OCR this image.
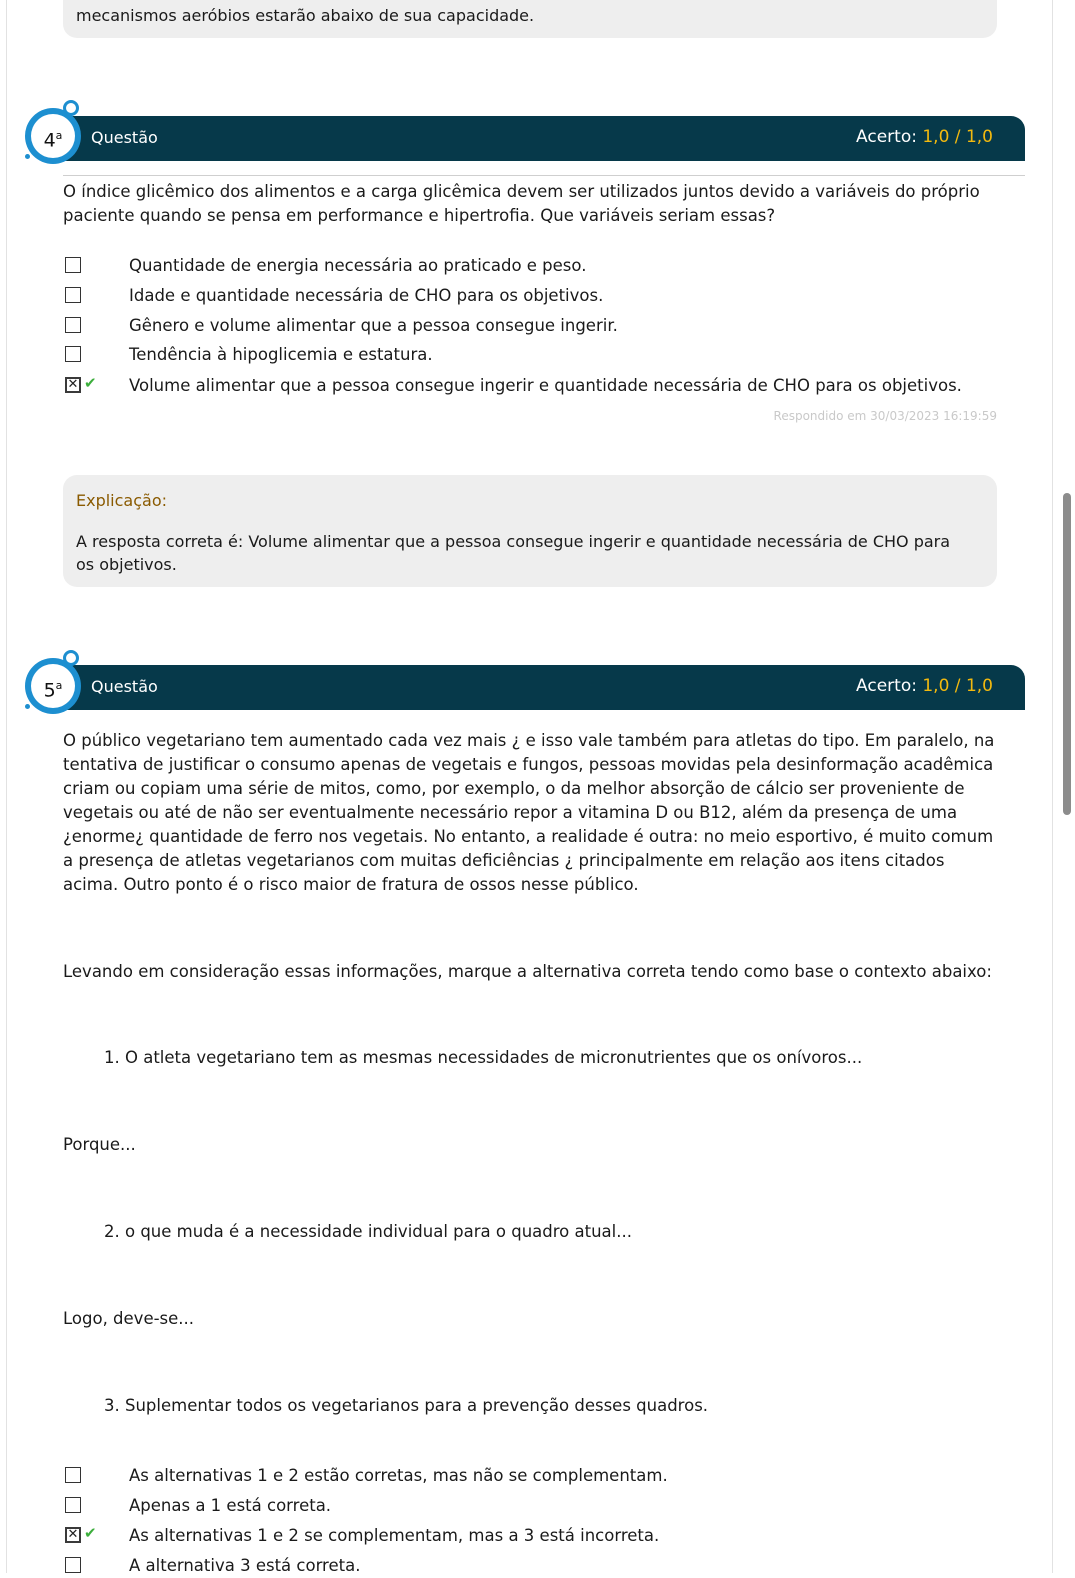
mecanismos aeróbios estarão abaixo de sua capacidade.
Questão	Acerto: 1,0 / 1,0
4$^a$
O índice glicêmico dos alimentos e a carga glicêmica devem ser utilizados juntos devido a variáveis do próprio paciente quando se pensa em performance e hipertrofia. Que variáveis seriam essas?
Quantidade de energia necessária ao praticado e peso.
Idade e quantidade necessária de CHO para os objetivos.
Gênero e volume alimentar que a pessoa consegue ingerir.
Tendência à hipoglicemia e estatura.
✕
✔ Volume alimentar que a pessoa consegue ingerir e quantidade necessária de CHO para os objetivos.
Respondido em 30/03/2023 16:19:59
Explicação:
A resposta correta é: Volume alimentar que a pessoa consegue ingerir e quantidade necessária de CHO para os objetivos.
Questão	Acerto: 1,0 / 1,0
5$^a$
O público vegetariano tem aumentado cada vez mais ¿ e isso vale também para atletas do tipo. Em paralelo, na
tentativa de justificar o consumo apenas de vegetais e fungos, pessoas movidas pela desinformação acadêmica
criam ou copiam uma série de mitos, como, por exemplo, o da melhor absorção de cálcio ser proveniente de
vegetais ou até de não ser eventualmente necessário repor a vitamina D ou B12, além da presença de uma
¿enorme¿ quantidade de ferro nos vegetais. No entanto, a realidade é outra: no meio esportivo, é muito comum
a presença de atletas vegetarianos com muitas deficiências ¿ principalmente em relação aos itens citados
acima. Outro ponto é o risco maior de fratura de ossos nesse público.
Levando em consideração essas informações, marque a alternativa correta tendo como base o contexto abaixo:
1. O atleta vegetariano tem as mesmas necessidades de micronutrientes que os onívoros...
Porque...
2. o que muda é a necessidade individual para o quadro atual...
Logo, deve-se...
3. Suplementar todos os vegetarianos para a prevenção desses quadros.
As alternativas 1 e 2 estão corretas, mas não se complementam.
Apenas a 1 está correta.
✕
✔ As alternativas 1 e 2 se complementam, mas a 3 está incorreta.
A alternativa 3 está correta.
